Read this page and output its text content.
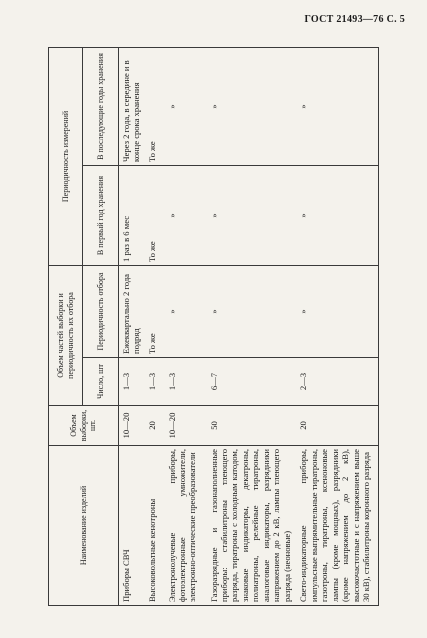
ГОСТ 21493—76 С. 5
Наименование изделий	Объем выборки, шт.	Объем частей выборки и периодичность их отбора		Периодичность измерений	
		Число, шт	Периодичность отбора	В первый год хранения	В последующие годы хранения
Приборы СВЧ	10—20	1—3	Ежеквартально 2 года подряд	1 раз в 6 мес	Через 2 года, в середине и в конце срока хранения
Высоковольтные кенотроны	20	1—3	То же	То же	То же
Электронолучевые приборы, фотоэлектронные умножители, электронно-оптические преобразователи	10—20	1—3	»	»	»

Газоразрядные и газонаполненные приборы: стабилитроны тлеющего разряда, тиратроны с холодным катодом, знаковые индикаторы, декатроны, полиатроны, релейные тиратроны, аналоговые индикаторы, разрядники напряжением до 2 кВ, лампы тлеющего разряда (неоновые)	50	6—7	»	»	»

Свето-индикаторные приборы, импульсные выпрямительные тиратроны, газотроны, тиратроны, ксеноновые лампы (кроме мощных), разрядники (кроме напряжением до 2 кВ), высокочастотные и с напряжением выше 30 кВ), стабилитроны коронного разряда	20	2—3	»	»	»
